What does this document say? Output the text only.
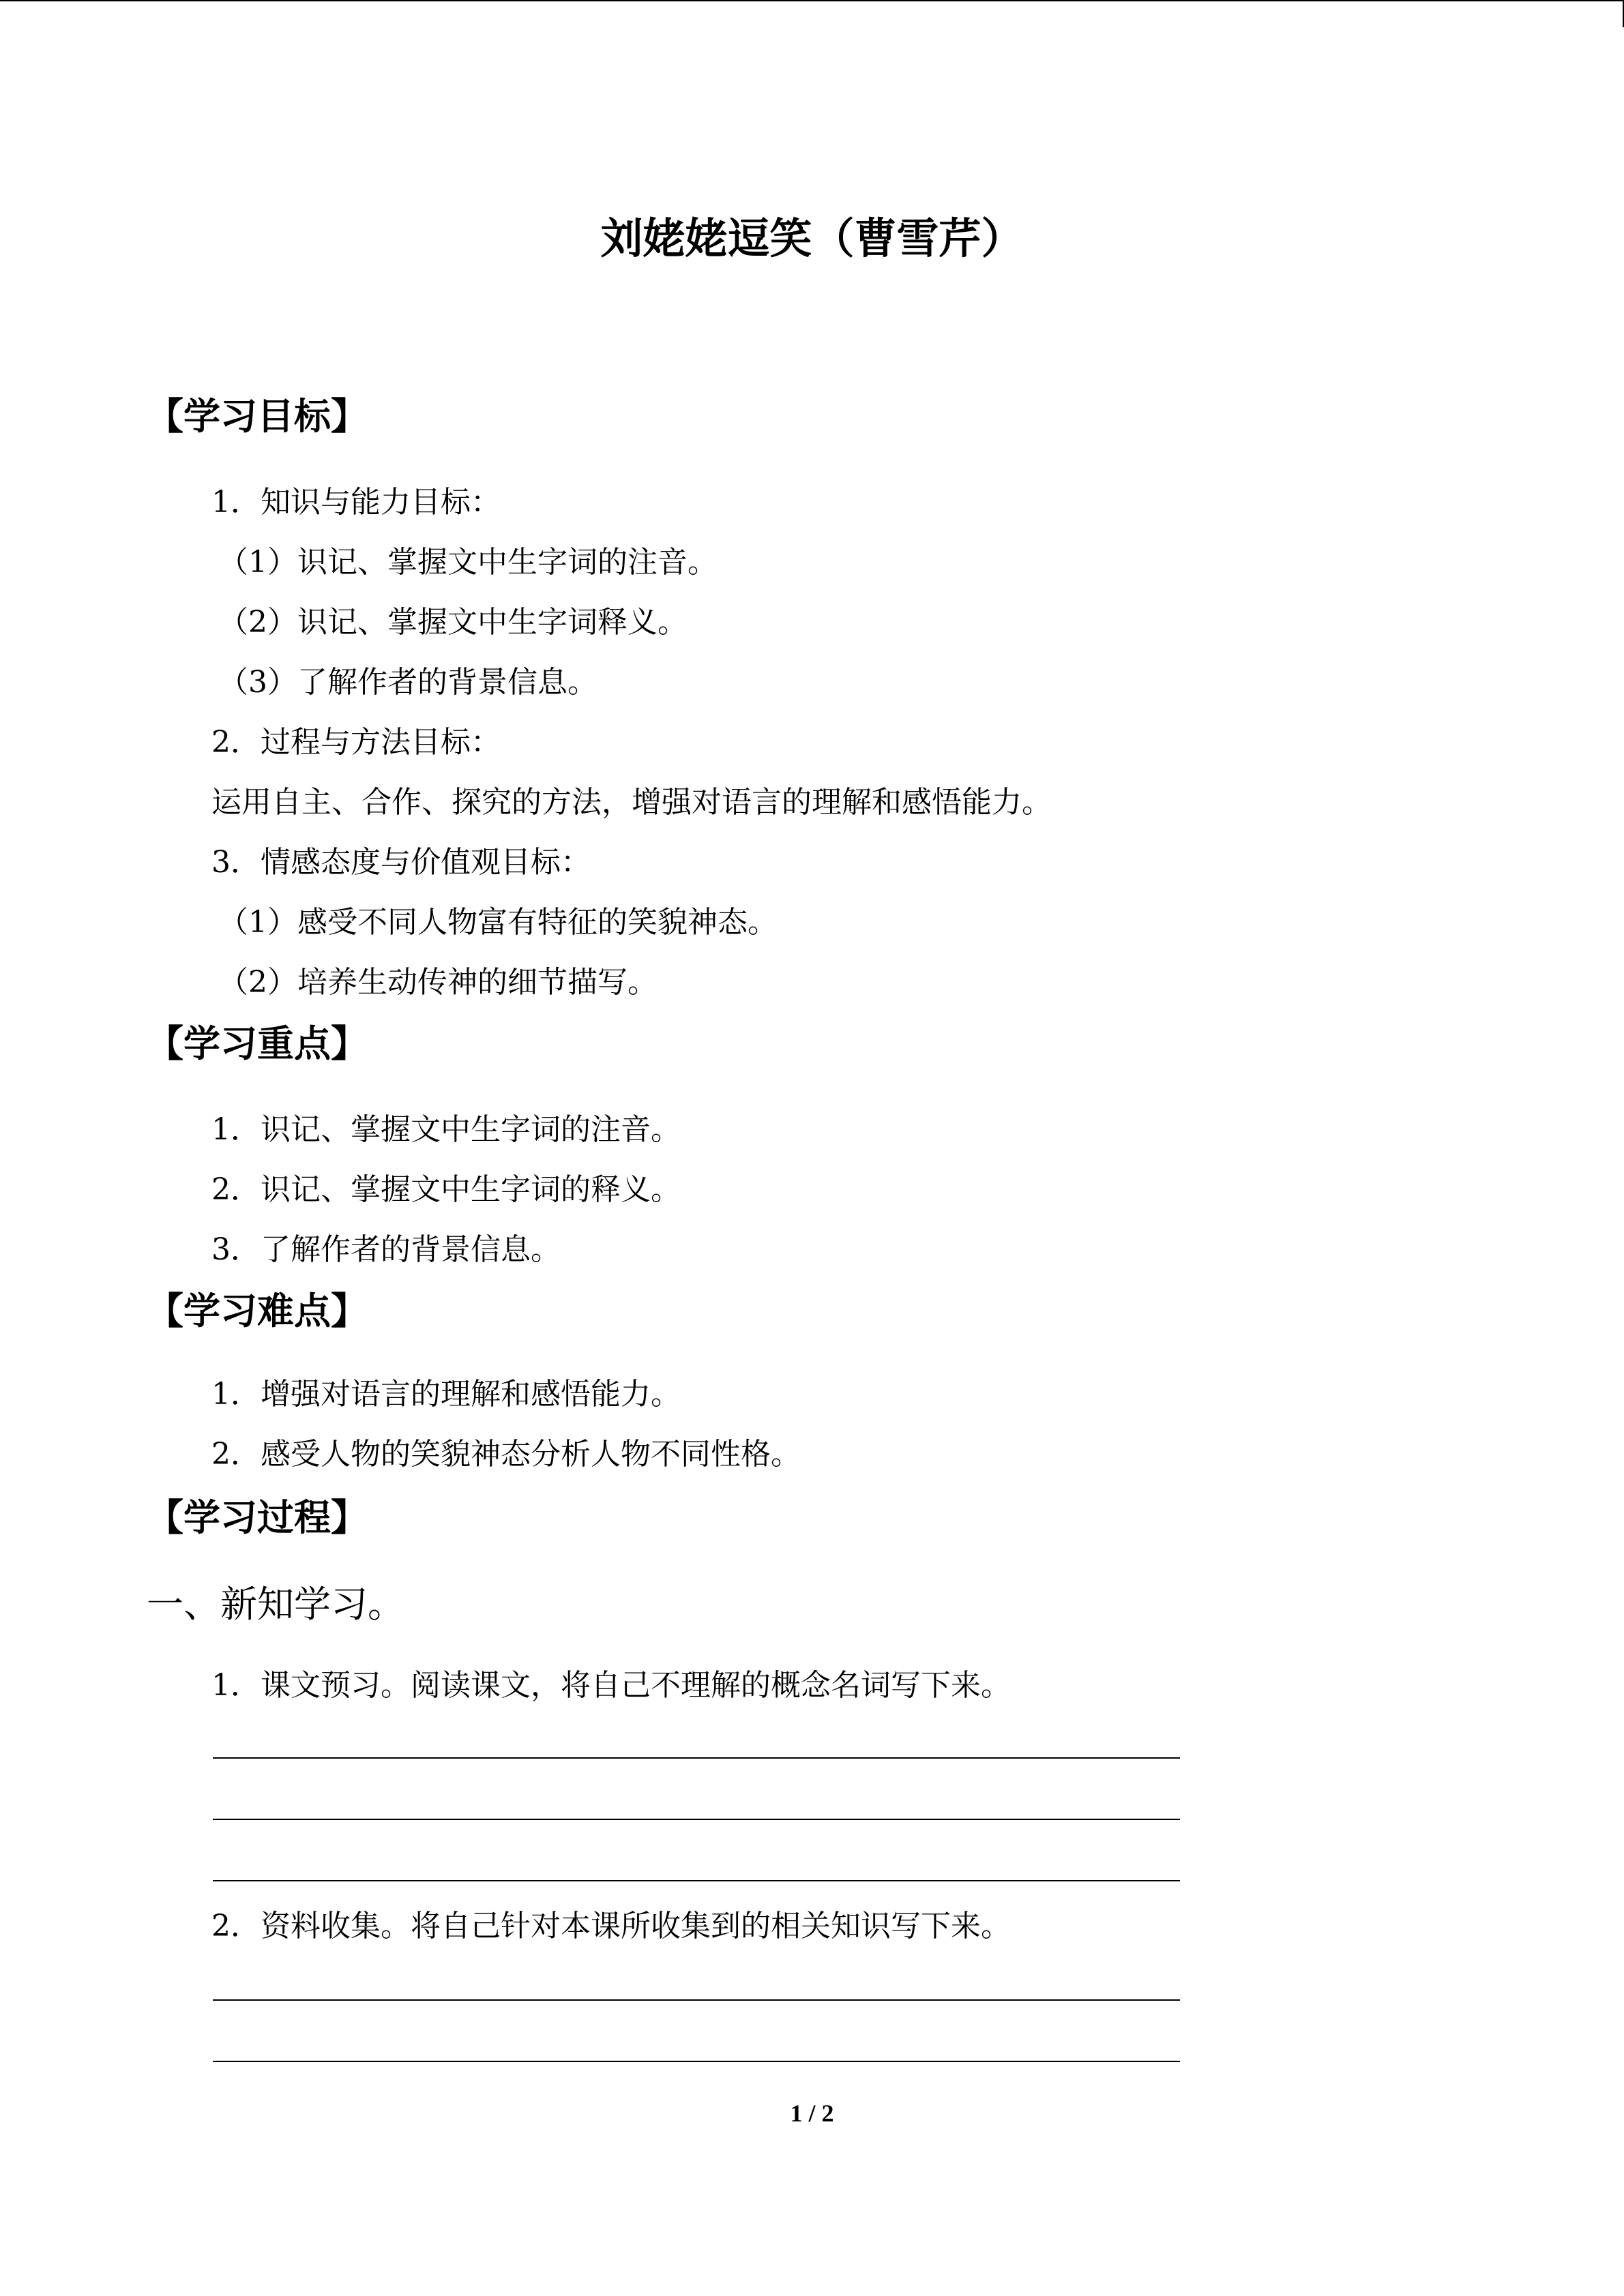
刘姥姥逗笑（曹雪芹）
【学习目标】
1．知识与能力目标：
（1）识记、掌握文中生字词的注音。
（2）识记、掌握文中生字词释义。
（3）了解作者的背景信息。
2．过程与方法目标：
运用自主、合作、探究的方法，增强对语言的理解和感悟能力。
3．情感态度与价值观目标：
（1）感受不同人物富有特征的笑貌神态。
（2）培养生动传神的细节描写。
【学习重点】
1．识记、掌握文中生字词的注音。
2．识记、掌握文中生字词的释义。
3．了解作者的背景信息。
【学习难点】
1．增强对语言的理解和感悟能力。
2．感受人物的笑貌神态分析人物不同性格。
【学习过程】
一、新知学习。
1．课文预习。阅读课文，将自己不理解的概念名词写下来。
2．资料收集。将自己针对本课所收集到的相关知识写下来。
1 / 2
